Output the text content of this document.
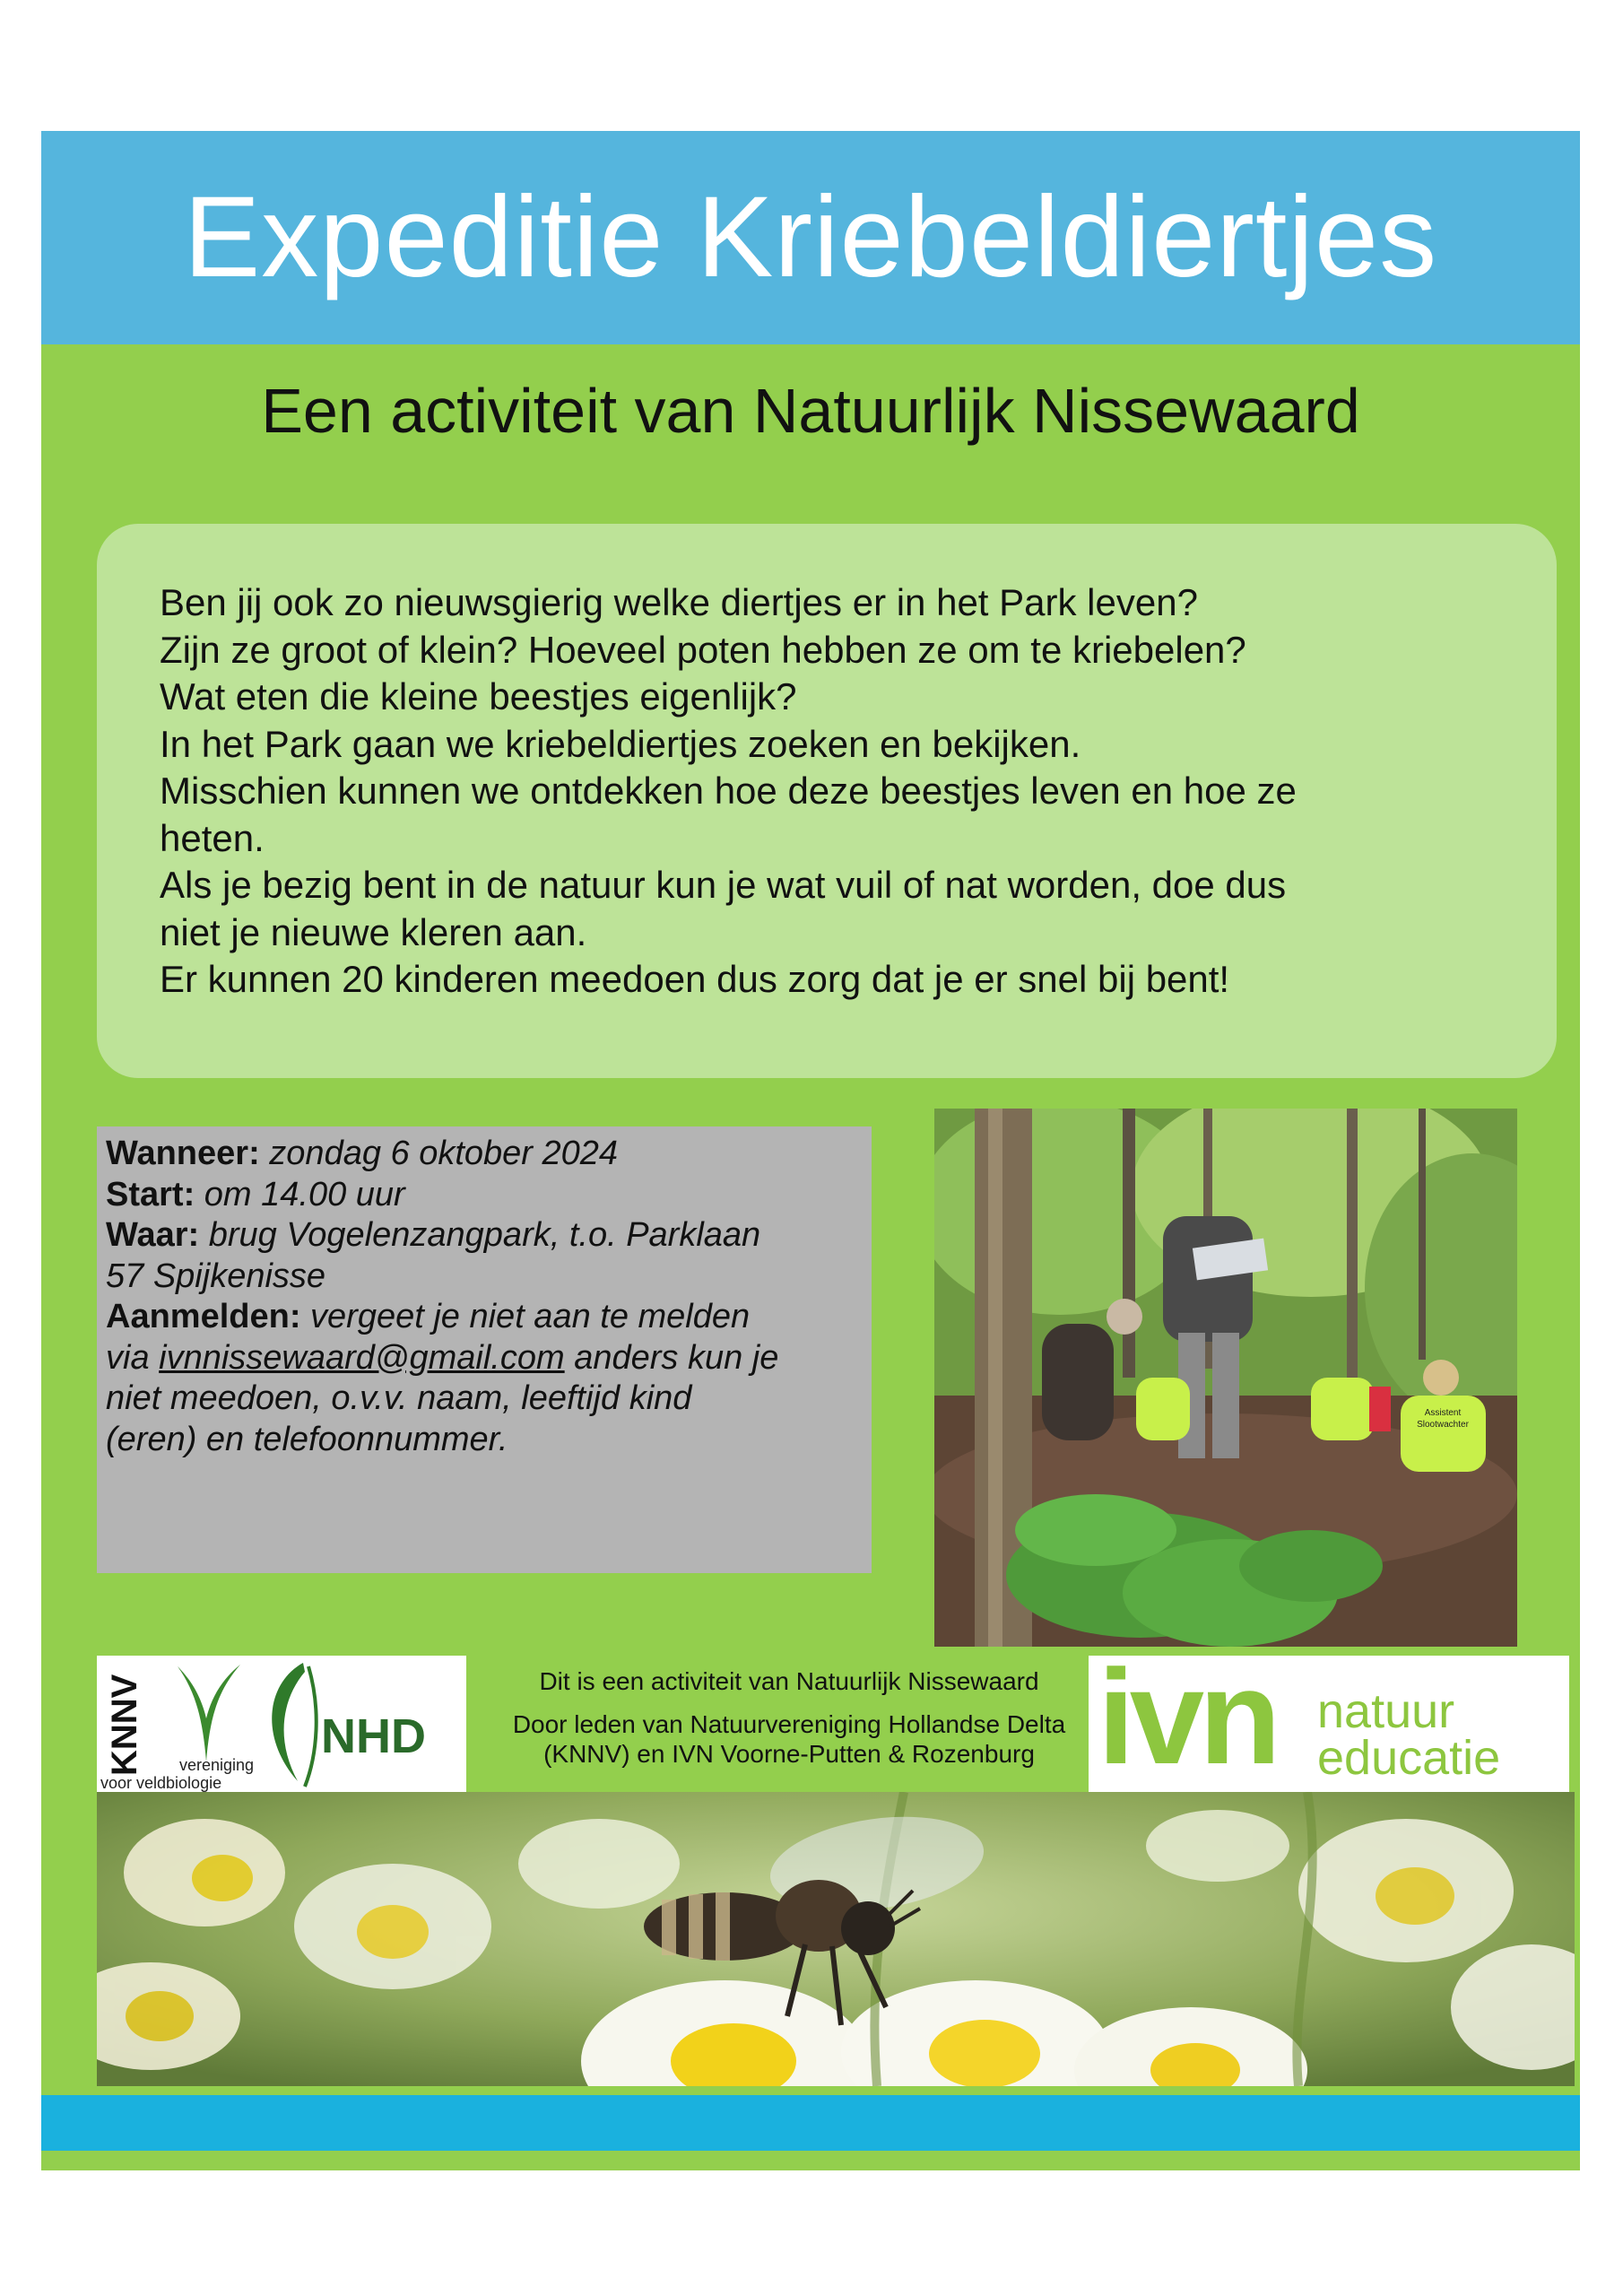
Expeditie Kriebeldiertjes
Een activiteit van Natuurlijk Nissewaard
Ben jij ook zo nieuwsgierig welke diertjes er in het Park leven?
Zijn ze groot of klein? Hoeveel poten hebben ze om te kriebelen?
Wat eten die kleine beestjes eigenlijk?
In het Park gaan we kriebeldiertjes zoeken en bekijken.
Misschien kunnen we ontdekken hoe deze beestjes leven en hoe ze
heten.
Als je bezig bent in de natuur kun je wat vuil of nat worden, doe dus
niet je nieuwe kleren aan.
Er kunnen 20 kinderen meedoen dus zorg dat je er snel bij bent!
Wanneer: zondag 6 oktober 2024
Start: om 14.00 uur
Waar: brug Vogelenzangpark, t.o. Parklaan
57 Spijkenisse
Aanmelden: vergeet je niet aan te melden
via ivnnissewaard@gmail.com anders kun je
niet meedoen, o.v.v. naam, leeftijd kind
(eren) en telefoonnummer.
Assistent
Slootwachter
KNNV vereniging
voor veldbiologie
NHD
Dit is een activiteit van Natuurlijk Nissewaard
Door leden van Natuurvereniging Hollandse Delta
(KNNV) en IVN Voorne-Putten & Rozenburg ivn natuur
educatie
